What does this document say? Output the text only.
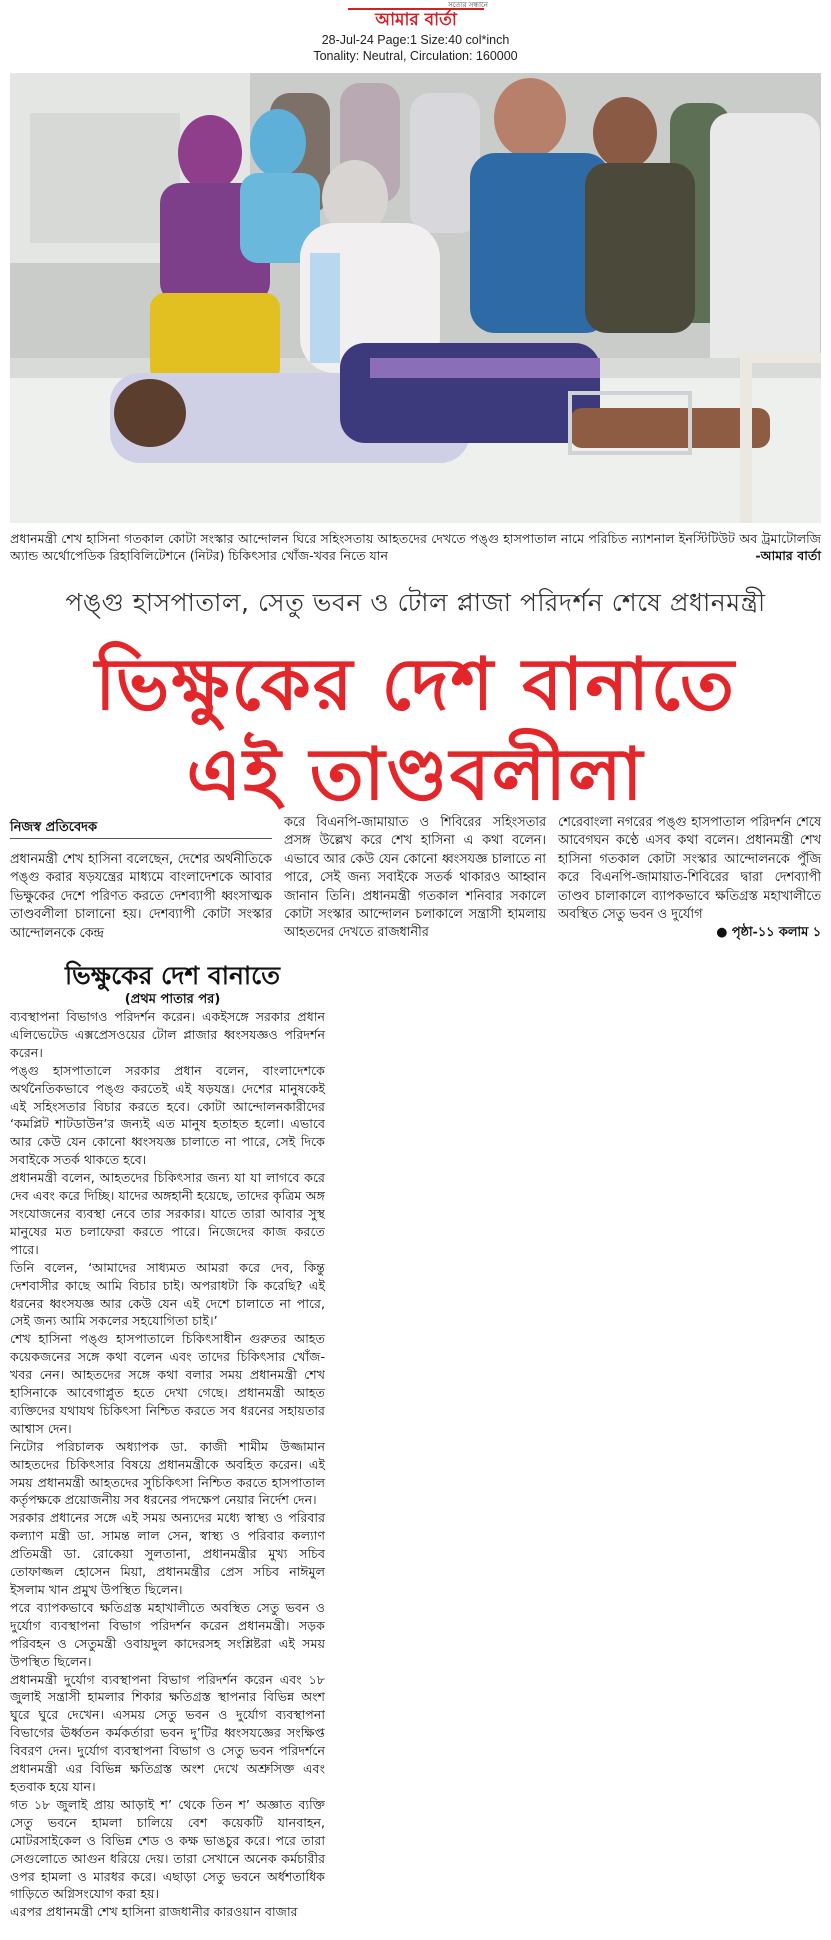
আমার বার্তা
সত্যের সন্ধানে
28-Jul-24 Page:1 Size:40 col*inch
Tonality: Neutral, Circulation: 160000
প্রধানমন্ত্রী শেখ হাসিনা গতকাল কোটা সংস্কার আন্দোলন ঘিরে সহিংসতায় আহতদের দেখতে পঙ্গু হাসপাতাল নামে পরিচিত ন্যাশনাল ইনস্টিটিউট অব ট্রমাটোলজি অ্যান্ড অর্থোপেডিক রিহাবিলিটেশনে (নিটর) চিকিৎসার খোঁজ-খবর নিতে যান	-আমার বার্তা
পঙ্গু হাসপাতাল, সেতু ভবন ও টোল প্লাজা পরিদর্শন শেষে প্রধানমন্ত্রী
ভিক্ষুকের দেশ বানাতে
এই তাণ্ডবলীলা
নিজস্ব প্রতিবেদক
প্রধানমন্ত্রী শেখ হাসিনা বলেছেন, দেশের অর্থনীতিকে পঙ্গু করার ষড়যন্ত্রের মাধ্যমে বাংলাদেশকে আবার ভিক্ষুকের দেশে পরিণত করতে দেশব্যাপী ধ্বংসাত্মক তাণ্ডবলীলা চালানো হয়। দেশব্যাপী কোটা সংস্কার আন্দোলনকে কেন্দ্র
করে বিএনপি-জামায়াত ও শিবিরের সহিংসতার প্রসঙ্গ উল্লেখ করে শেখ হাসিনা এ কথা বলেন। এভাবে আর কেউ যেন কোনো ধ্বংসযজ্ঞ চালাতে না পারে, সেই জন্য সবাইকে সতর্ক থাকারও আহ্বান জানান তিনি। প্রধানমন্ত্রী গতকাল শনিবার সকালে কোটা সংস্কার আন্দোলন চলাকালে সন্ত্রাসী হামলায় আহতদের দেখতে রাজধানীর
শেরেবাংলা নগরের পঙ্গু হাসপাতাল পরিদর্শন শেষে আবেগঘন কণ্ঠে এসব কথা বলেন। প্রধানমন্ত্রী শেখ হাসিনা গতকাল কোটা সংস্কার আন্দোলনকে পুঁজি করে বিএনপি-জামায়াত-শিবিরের দ্বারা দেশব্যাপী তাণ্ডব চালাকালে ব্যাপকভাবে ক্ষতিগ্রস্ত মহাখালীতে অবস্থিত সেতু ভবন ও দুর্যোগ
● পৃষ্ঠা-১১ কলাম ১
ভিক্ষুকের দেশ বানাতে
(প্রথম পাতার পর)

ব্যবস্থাপনা বিভাগও পরিদর্শন করেন। একইসঙ্গে সরকার প্রধান এলিভেটেড এক্সপ্রেসওয়ের টোল প্লাজার ধ্বংসযজ্ঞও পরিদর্শন করেন।

পঙ্গু হাসপাতালে সরকার প্রধান বলেন, বাংলাদেশকে অর্থনৈতিকভাবে পঙ্গু করতেই এই ষড়যন্ত্র। দেশের মানুষকেই এই সহিংসতার বিচার করতে হবে। কোটা আন্দোলনকারীদের ‘কমপ্লিট শাটডাউন’র জন্যই এত মানুষ হতাহত হলো। এভাবে আর কেউ যেন কোনো ধ্বংসযজ্ঞ চালাতে না পারে, সেই দিকে সবাইকে সতর্ক থাকতে হবে।

প্রধানমন্ত্রী বলেন, আহতদের চিকিৎসার জন্য যা যা লাগবে করে দেব এবং করে দিচ্ছি। যাদের অঙ্গহানী হয়েছে, তাদের কৃত্রিম অঙ্গ সংযোজনের ব্যবস্থা নেবে তার সরকার। যাতে তারা আবার সুস্থ মানুষের মত চলাফেরা করতে পারে। নিজেদের কাজ করতে পারে।

তিনি বলেন, ‘আমাদের সাধ্যমত আমরা করে দেব, কিন্তু দেশবাসীর কাছে আমি বিচার চাই। অপরাধটা কি করেছি? এই ধরনের ধ্বংসযজ্ঞ আর কেউ যেন এই দেশে চালাতে না পারে, সেই জন্য আমি সকলের সহযোগিতা চাই।’

শেখ হাসিনা পঙ্গু হাসপাতালে চিকিৎসাধীন গুরুতর আহত কয়েকজনের সঙ্গে কথা বলেন এবং তাদের চিকিৎসার খোঁজ-খবর নেন। আহতদের সঙ্গে কথা বলার সময় প্রধানমন্ত্রী শেখ হাসিনাকে আবেগাপ্লুত হতে দেখা গেছে। প্রধানমন্ত্রী আহত ব্যক্তিদের যথাযথ চিকিৎসা নিশ্চিত করতে সব ধরনের সহায়তার আশ্বাস দেন।

নিটোর পরিচালক অধ্যাপক ডা. কাজী শামীম উজ্জামান আহতদের চিকিৎসার বিষয়ে প্রধানমন্ত্রীকে অবহিত করেন। এই সময় প্রধানমন্ত্রী আহতদের সুচিকিৎসা নিশ্চিত করতে হাসপাতাল কর্তৃপক্ষকে প্রয়োজনীয় সব ধরনের পদক্ষেপ নেয়ার নির্দেশ দেন।

সরকার প্রধানের সঙ্গে এই সময় অন্যদের মধ্যে স্বাস্থ্য ও পরিবার কল্যাণ মন্ত্রী ডা. সামন্ত লাল সেন, স্বাস্থ্য ও পরিবার কল্যাণ প্রতিমন্ত্রী ডা. রোকেয়া সুলতানা, প্রধানমন্ত্রীর মুখ্য সচিব তোফাজ্জল হোসেন মিয়া, প্রধানমন্ত্রীর প্রেস সচিব নাঈমুল ইসলাম খান প্রমুখ উপস্থিত ছিলেন।

পরে ব্যাপকভাবে ক্ষতিগ্রস্ত মহাখালীতে অবস্থিত সেতু ভবন ও দুর্যোগ ব্যবস্থাপনা বিভাগ পরিদর্শন করেন প্রধানমন্ত্রী। সড়ক পরিবহন ও সেতুমন্ত্রী ওবায়দুল কাদেরসহ সংশ্লিষ্টরা এই সময় উপস্থিত ছিলেন।

প্রধানমন্ত্রী দুর্যোগ ব্যবস্থাপনা বিভাগ পরিদর্শন করেন এবং ১৮ জুলাই সন্ত্রাসী হামলার শিকার ক্ষতিগ্রস্ত স্থাপনার বিভিন্ন অংশ ঘুরে ঘুরে দেখেন। এসময় সেতু ভবন ও দুর্যোগ ব্যবস্থাপনা বিভাগের ঊর্ধ্বতন কর্মকর্তারা ভবন দু’টির ধ্বংসযজ্ঞের সংক্ষিপ্ত বিবরণ দেন। দুর্যোগ ব্যবস্থাপনা বিভাগ ও সেতু ভবন পরিদর্শনে প্রধানমন্ত্রী এর বিভিন্ন ক্ষতিগ্রস্ত অংশ দেখে অশ্রুসিক্ত এবং হতবাক হয়ে যান।

গত ১৮ জুলাই প্রায় আড়াই শ’ থেকে তিন শ’ অজ্ঞাত ব্যক্তি সেতু ভবনে হামলা চালিয়ে বেশ কয়েকটি যানবাহন, মোটরসাইকেল ও বিভিন্ন শেড ও কক্ষ ভাঙচুর করে। পরে তারা সেগুলোতে আগুন ধরিয়ে দেয়। তারা সেখানে অনেক কর্মচারীর ওপর হামলা ও মারধর করে। এছাড়া সেতু ভবনে অর্ধশতাধিক গাড়িতে অগ্নিসংযোগ করা হয়।

এরপর প্রধানমন্ত্রী শেখ হাসিনা রাজধানীর কারওয়ান বাজার
